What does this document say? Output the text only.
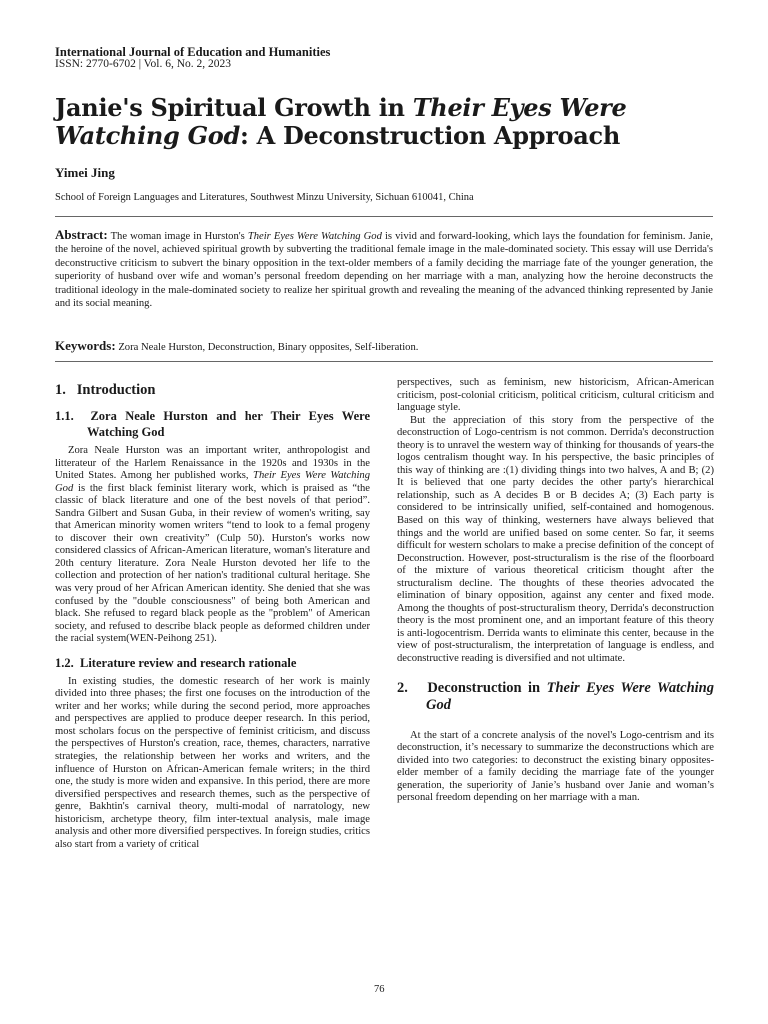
International Journal of Education and Humanities
ISSN: 2770-6702 | Vol. 6, No. 2, 2023
Janie's Spiritual Growth in Their Eyes Were Watching God: A Deconstruction Approach
Yimei Jing
School of Foreign Languages and Literatures, Southwest Minzu University, Sichuan 610041, China

Abstract: The woman image in Hurston's Their Eyes Were Watching God is vivid and forward-looking, which lays the foundation for feminism. Janie, the heroine of the novel, achieved spiritual growth by subverting the traditional female image in the male-dominated society. This essay will use Derrida's deconstructive criticism to subvert the binary opposition in the text-older members of a family deciding the marriage fate of the younger generation, the superiority of husband over wife and woman’s personal freedom depending on her marriage with a man, analyzing how the heroine deconstructs the traditional ideology in the male-dominated society to realize her spiritual growth and revealing the meaning of the advanced thinking represented by Janie and its social meaning.

Keywords: Zora Neale Hurston, Deconstruction, Binary opposites, Self-liberation.

1. Introduction
1.1. Zora Neale Hurston and her Their Eyes Were Watching God

Zora Neale Hurston was an important writer, anthropologist and litterateur of the Harlem Renaissance in the 1920s and 1930s in the United States. Among her published works, Their Eyes Were Watching God is the first black feminist literary work, which is praised as “the classic of black literature and one of the best novels of that period”. Sandra Gilbert and Susan Guba, in their review of women's writing, say that American minority women writers “tend to look to a femal progeny to discover their own creativity” (Culp 50). Hurston's works now considered classics of African-American literature, woman's literature and 20th century literature. Zora Neale Hurston devoted her life to the collection and protection of her nation's traditional cultural heritage. She was very proud of her African American identity. She denied that she was confused by the "double consciousness" of being both American and black. She refused to regard black people as the "problem" of American society, and refused to describe black people as deformed children under the racial system(WEN-Peihong 251).

1.2. Literature review and research rationale

In existing studies, the domestic research of her work is mainly divided into three phases; the first one focuses on the introduction of the writer and her works; while during the second period, more approaches and perspectives are applied to produce deeper research. In this period, most scholars focus on the perspective of feminist criticism, and discuss the perspectives of Hurston's creation, race, themes, characters, narrative strategies, the relationship between her works and writers, and the influence of Hurston on African-American female writers; in the third one, the study is more widen and expansive. In this period, there are more diversified perspectives and research themes, such as the perspective of genre, Bakhtin's carnival theory, multi-modal of narratology, new historicism, archetype theory, film inter-textual analysis, male image analysis and other more diversified perspectives. In foreign studies, critics also start from a variety of critical

perspectives, such as feminism, new historicism, African-American criticism, post-colonial criticism, political criticism, cultural criticism and language style.

But the appreciation of this story from the perspective of the deconstruction of Logo-centrism is not common. Derrida's deconstruction theory is to unravel the western way of thinking for thousands of years-the logos centralism thought way. In his perspective, the basic principles of this way of thinking are :(1) dividing things into two halves, A and B; (2) It is believed that one party decides the other party's hierarchical relationship, such as A decides B or B decides A; (3) Each party is considered to be intrinsically unified, self-contained and homogenous. Based on this way of thinking, westerners have always believed that things and the world are unified based on some center. So far, it seems difficult for western scholars to make a precise definition of the concept of Deconstruction. However, post-structuralism is the rise of the floorboard of the mixture of various theoretical criticism thought after the structuralism decline. The thoughts of these theories advocated the elimination of binary opposition, against any center and fixed mode. Among the thoughts of post-structuralism theory, Derrida's deconstruction theory is the most prominent one, and an important feature of this theory is anti-logocentrism. Derrida wants to eliminate this center, because in the view of post-structuralism, the interpretation of language is endless, and deconstructive reading is diversified and not ultimate.

2. Deconstruction in Their Eyes Were Watching God

At the start of a concrete analysis of the novel's Logo-centrism and its deconstruction, it’s necessary to summarize the deconstructions which are divided into two categories: to deconstruct the existing binary opposites-elder member of a family deciding the marriage fate of the younger generation, the superiority of Janie’s husband over Janie and woman’s personal freedom depending on her marriage with a man.

76
